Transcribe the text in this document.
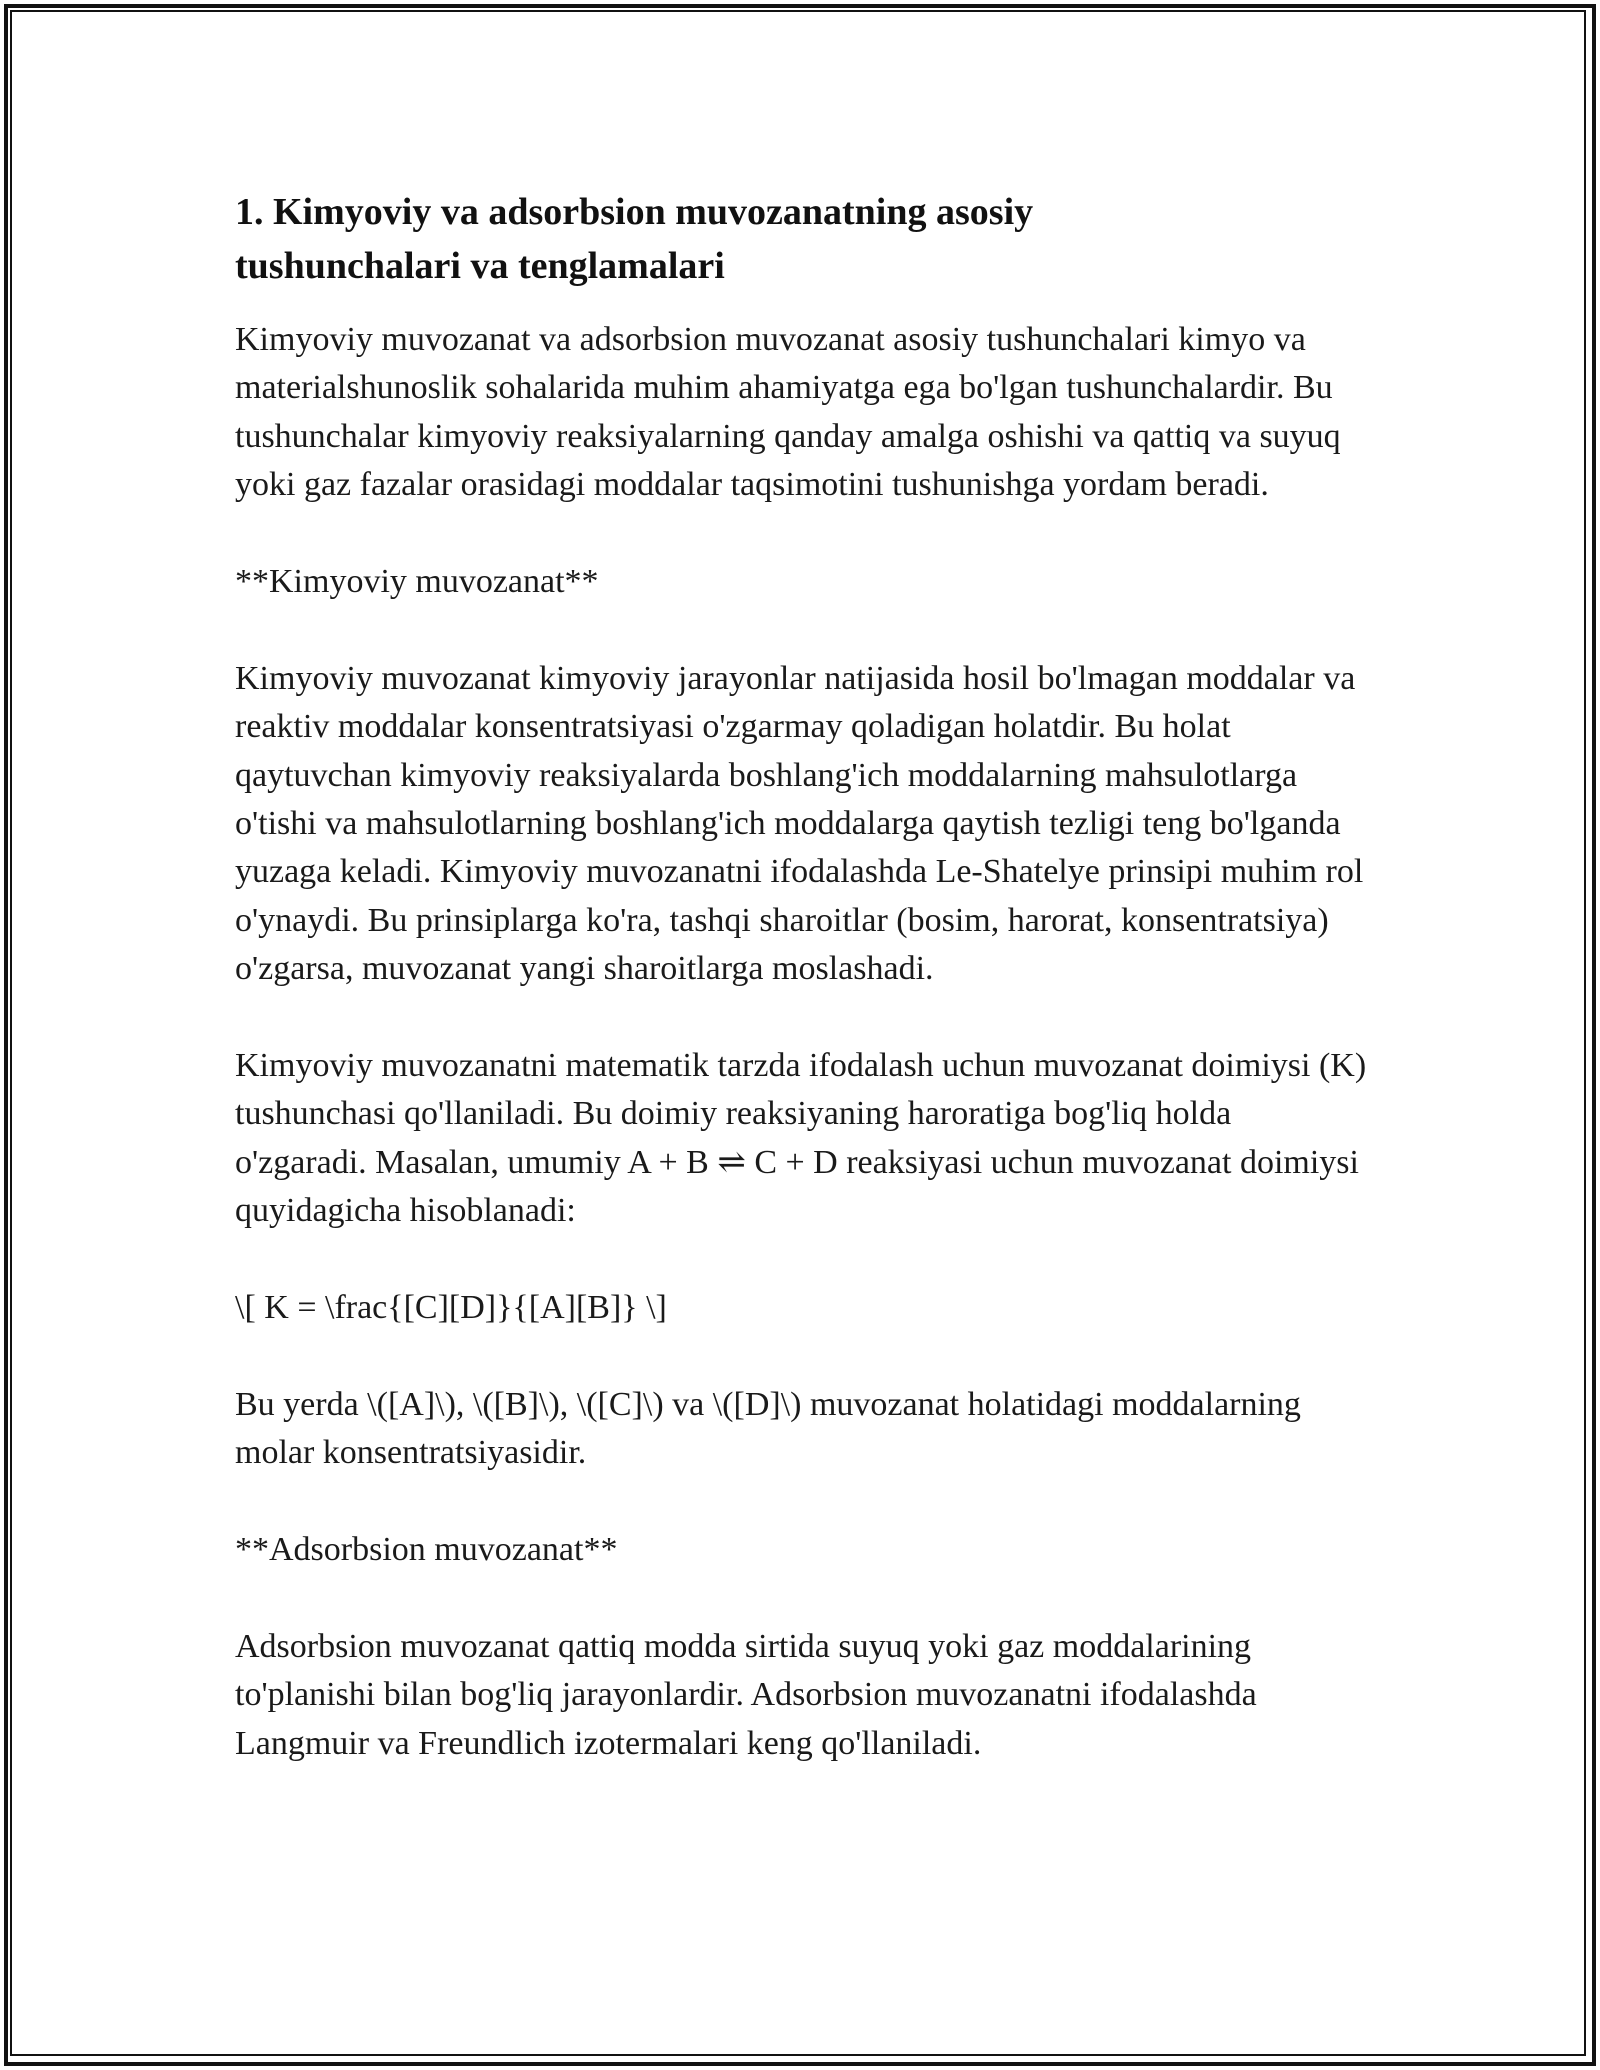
1. Kimyoviy va adsorbsion muvozanatning asosiy
tushunchalari va tenglamalari

Kimyoviy muvozanat va adsorbsion muvozanat asosiy tushunchalari kimyo va materialshunoslik sohalarida muhim ahamiyatga ega bo'lgan tushunchalardir. Bu tushunchalar kimyoviy reaksiyalarning qanday amalga oshishi va qattiq va suyuq yoki gaz fazalar orasidagi moddalar taqsimotini tushunishga yordam beradi.

**Kimyoviy muvozanat**

Kimyoviy muvozanat kimyoviy jarayonlar natijasida hosil bo'lmagan moddalar va reaktiv moddalar konsentratsiyasi o'zgarmay qoladigan holatdir. Bu holat qaytuvchan kimyoviy reaksiyalarda boshlang'ich moddalarning mahsulotlarga o'tishi va mahsulotlarning boshlang'ich moddalarga qaytish tezligi teng bo'lganda yuzaga keladi. Kimyoviy muvozanatni ifodalashda Le-Shatelye prinsipi muhim rol o'ynaydi. Bu prinsiplarga ko'ra, tashqi sharoitlar (bosim, harorat, konsentratsiya) o'zgarsa, muvozanat yangi sharoitlarga moslashadi.

Kimyoviy muvozanatni matematik tarzda ifodalash uchun muvozanat doimiysi (K) tushunchasi qo'llaniladi. Bu doimiy reaksiyaning haroratiga bog'liq holda o'zgaradi. Masalan, umumiy A + B ⇌ C + D reaksiyasi uchun muvozanat doimiysi quyidagicha hisoblanadi:

\[ K = \frac{[C][D]}{[A][B]} \]

Bu yerda \([A]\), \([B]\), \([C]\) va \([D]\) muvozanat holatidagi moddalarning molar konsentratsiyasidir.

**Adsorbsion muvozanat**

Adsorbsion muvozanat qattiq modda sirtida suyuq yoki gaz moddalarining to'planishi bilan bog'liq jarayonlardir. Adsorbsion muvozanatni ifodalashda Langmuir va Freundlich izotermalari keng qo'llaniladi.
